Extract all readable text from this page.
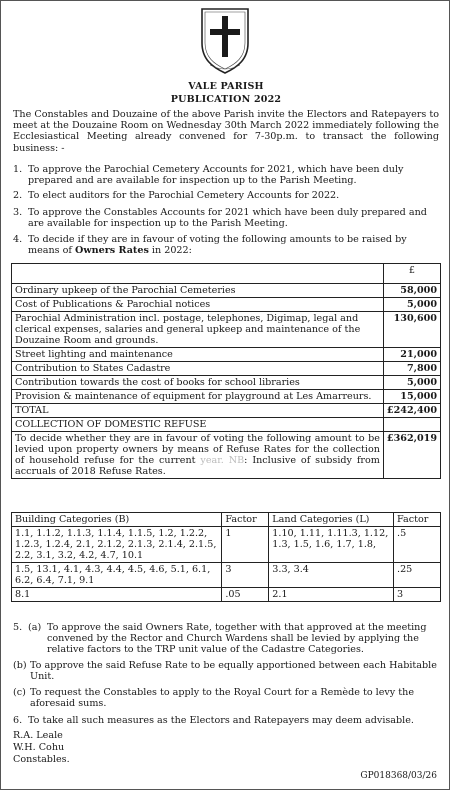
VALE PARISH
PUBLICATION 2022
The Constables and Douzaine of the above Parish invite the Electors and Ratepayers to meet at the Douzaine Room on Wednesday 30th March 2022 immediately following the Ecclesiastical Meeting already convened for 7-30p.m. to transact the following business: -
1. To approve the Parochial Cemetery Accounts for 2021, which have been duly prepared and are available for inspection up to the Parish Meeting.
2. To elect auditors for the Parochial Cemetery Accounts for 2022.
3. To approve the Constables Accounts for 2021 which have been duly prepared and are available for inspection up to the Parish Meeting.
4. To decide if they are in favour of voting the following amounts to be raised by means of Owners Rates in 2022:
	£
Ordinary upkeep of the Parochial Cemeteries	58,000
Cost of Publications & Parochial notices	5,000
Parochial Administration incl. postage, telephones, Digimap, legal and clerical expenses, salaries and general upkeep and maintenance of the Douzaine Room and grounds.	130,600
Street lighting and maintenance	21,000
Contribution to States Cadastre	7,800
Contribution towards the cost of books for school libraries	5,000
Provision & maintenance of equipment for playground at Les Amarreurs.	15,000
TOTAL	£242,400
COLLECTION OF DOMESTIC REFUSE	
To decide whether they are in favour of voting the following amount to be levied upon property owners by means of Refuse Rates for the collection of household refuse for the current year. NB: Inclusive of subsidy from accruals of 2018 Refuse Rates.	£362,019
Building Categories (B)	Factor	Land Categories (L)	Factor
1.1, 1.1.2, 1.1.3, 1.1.4, 1.1.5, 1.2, 1.2.2, 1.2.3, 1.2.4, 2.1, 2.1.2, 2.1.3, 2.1.4, 2.1.5, 2.2, 3.1, 3.2, 4.2, 4.7, 10.1	1	1.10, 1.11, 1.11.3, 1.12, 1.3, 1.5, 1.6, 1.7, 1.8,	.5
1.5, 13.1, 4.1, 4.3, 4.4, 4.5, 4.6, 5.1, 6.1, 6.2, 6.4, 7.1, 9.1	3	3.3, 3.4	.25
8.1	.05	2.1	3
5. (a) To approve the said Owners Rate, together with that approved at the meeting convened by the Rector and Church Wardens shall be levied by applying the relative factors to the TRP unit value of the Cadastre Categories.
(b) To approve the said Refuse Rate to be equally apportioned between each Habitable Unit.
(c) To request the Constables to apply to the Royal Court for a Remède to levy the aforesaid sums.
6. To take all such measures as the Electors and Ratepayers may deem advisable.
R.A. Leale
W.H. Cohu
Constables.
GP018368/03/26
